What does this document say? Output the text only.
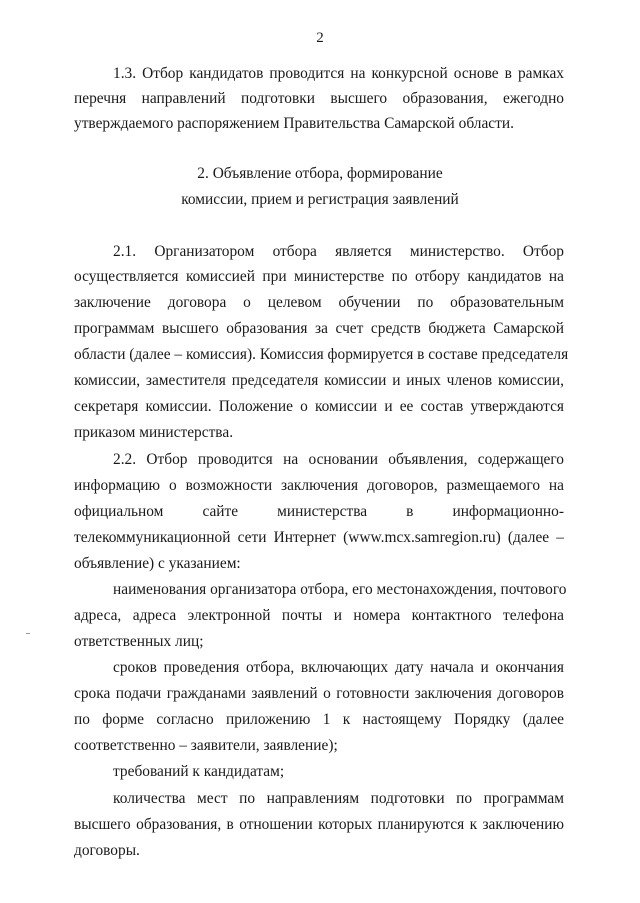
2
1.3. Отбор кандидатов проводится на конкурсной основе в рамках
перечня направлений подготовки высшего образования, ежегодно
утверждаемого распоряжением Правительства Самарской области.
2. Объявление отбора, формирование
комиссии, прием и регистрация заявлений
2.1. Организатором отбора является министерство. Отбор
осуществляется комиссией при министерстве по отбору кандидатов на
заключение договора о целевом обучении по образовательным
программам высшего образования за счет средств бюджета Самарской
области (далее – комиссия). Комиссия формируется в составе председателя
комиссии, заместителя председателя комиссии и иных членов комиссии,
секретаря комиссии. Положение о комиссии и ее состав утверждаются
приказом министерства.
2.2. Отбор проводится на основании объявления, содержащего
информацию о возможности заключения договоров, размещаемого на
официальном сайте министерства в информационно-
телекоммуникационной сети Интернет (www.mcx.samregion.ru) (далее –
объявление) с указанием:
наименования организатора отбора, его местонахождения, почтового
адреса, адреса электронной почты и номера контактного телефона
ответственных лиц;
сроков проведения отбора, включающих дату начала и окончания
срока подачи гражданами заявлений о готовности заключения договоров
по форме согласно приложению 1 к настоящему Порядку (далее
соответственно – заявители, заявление);
требований к кандидатам;
количества мест по направлениям подготовки по программам
высшего образования, в отношении которых планируются к заключению
договоры.
